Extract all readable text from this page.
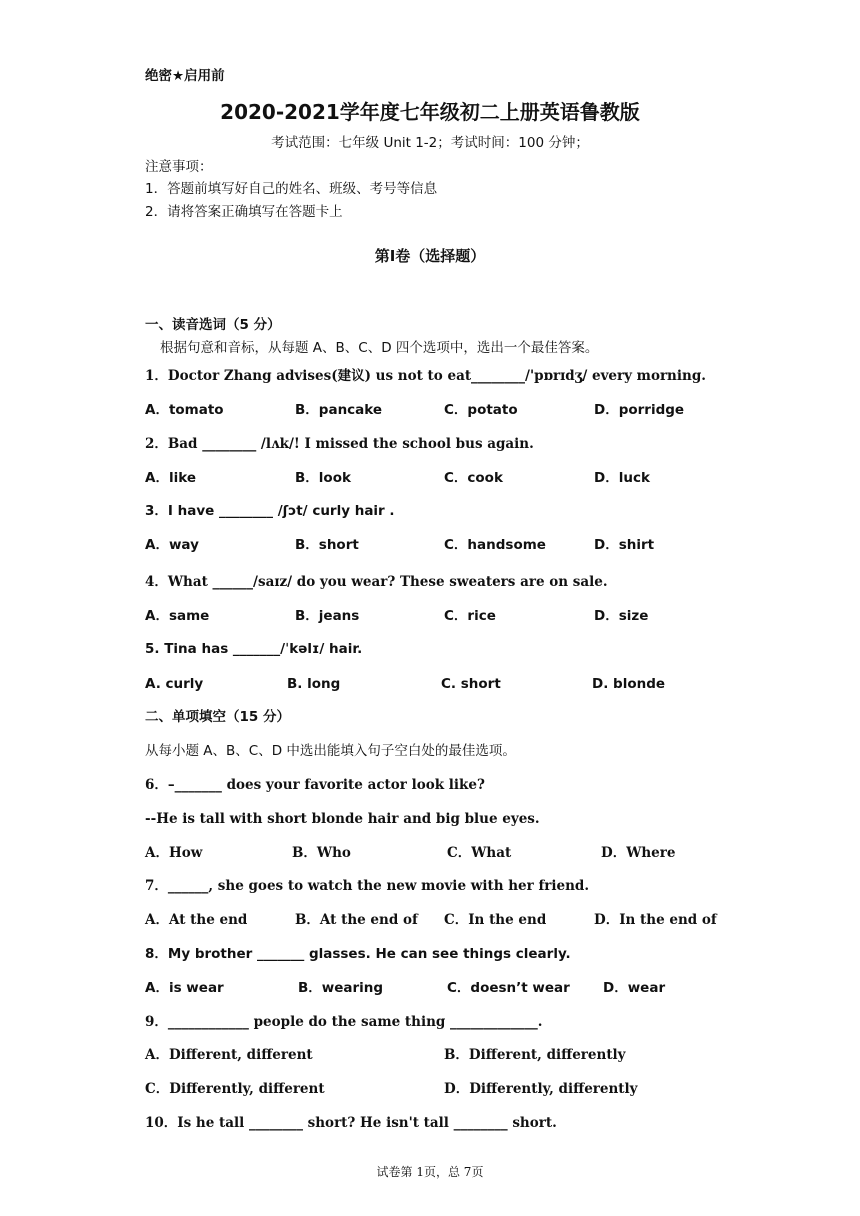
绝密★启用前
2020-2021学年度七年级初二上册英语鲁教版
考试范围：七年级 Unit 1-2；考试时间：100 分钟；
注意事项：
1．答题前填写好自己的姓名、班级、考号等信息
2．请将答案正确填写在答题卡上
第Ⅰ卷（选择题）
一、读音选词（5 分）
根据句意和音标，从每题 A、B、C、D 四个选项中，选出一个最佳答案。
1．Doctor Zhang advises(建议) us not to eat________/'pɒrɪdʒ/ every morning.
A．tomato	B．pancake	C．potato	D．porridge
2．Bad ________ /lʌk/! I missed the school bus again.
A．like	B．look	C．cook	D．luck
3．I have ________ /ʃɔt/ curly hair .
A．way	B．short	C．handsome	D．shirt
4．What ______/saɪz/ do you wear? These sweaters are on sale.
A．same	B．jeans	C．rice	D．size
5. Tina has _______/ˈkəlɪ/ hair.
A. curly	B. long	C. short	D. blonde
二、单项填空（15 分）
从每小题 A、B、C、D 中选出能填入句子空白处的最佳选项。
6．–_______ does your favorite actor look like?
--He is tall with short blonde hair and big blue eyes.
A．How	B．Who	C．What	D．Where
7．______, she goes to watch the new movie with her friend.
A．At the end	B．At the end of C．In the end	D．In the end of
8．My brother _______ glasses. He can see things clearly.
A．is wear	B．wearing	C．doesn’t wear D．wear
9．____________ people do the same thing _____________.
A．Different, different	B．Different, differently
C．Differently, different	D．Differently, differently
10．Is he tall ________ short? He isn't tall ________ short.
试卷第 1页，总 7页
